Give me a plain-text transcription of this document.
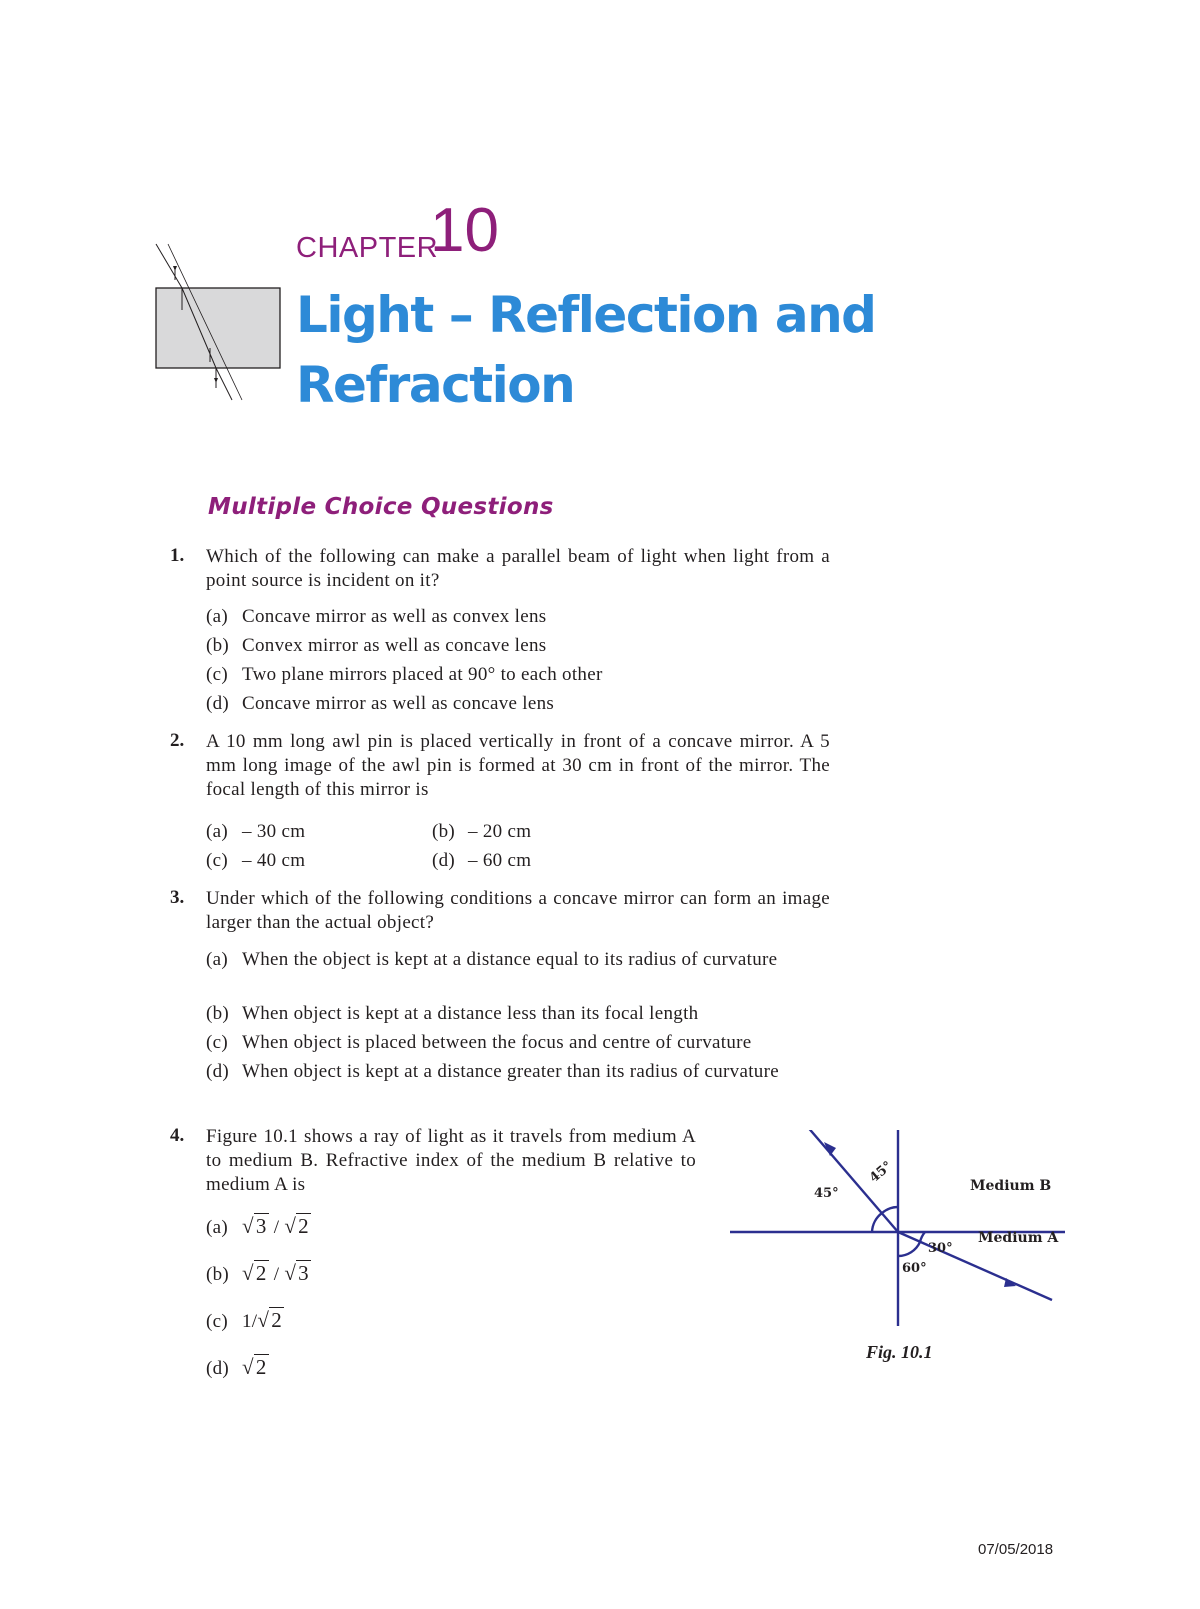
CHAPTER
10
Light – Reflection and
Refraction
Multiple Choice Questions
1. Which of the following can make a parallel beam of light when light from a point source is incident on it?
(a) Concave mirror as well as convex lens
(b) Convex mirror as well as concave lens
(c) Two plane mirrors placed at 90° to each other
(d) Concave mirror as well as concave lens
2. A 10 mm long awl pin is placed vertically in front of a concave mirror. A 5 mm long image of the awl pin is formed at 30 cm in front of the mirror. The focal length of this mirror is
(a) – 30 cm	(b) – 20 cm
(c) – 40 cm	(d) – 60 cm
3. Under which of the following conditions a concave mirror can form an image larger than the actual object?
(a) When the object is kept at a distance equal to its radius of curvature
(b) When object is kept at a distance less than its focal length
(c) When object is placed between the focus and centre of curvature
(d) When object is kept at a distance greater than its radius of curvature
4. Figure 10.1 shows a ray of light as it travels from medium A to medium B. Refractive index of the medium B relative to medium A is
(a) √3 / √2
(b) √2 / √3
(c) 1/√2
(d) √2
45°
45°
30°
60°
Medium B
Medium A
Fig. 10.1
07/05/2018
